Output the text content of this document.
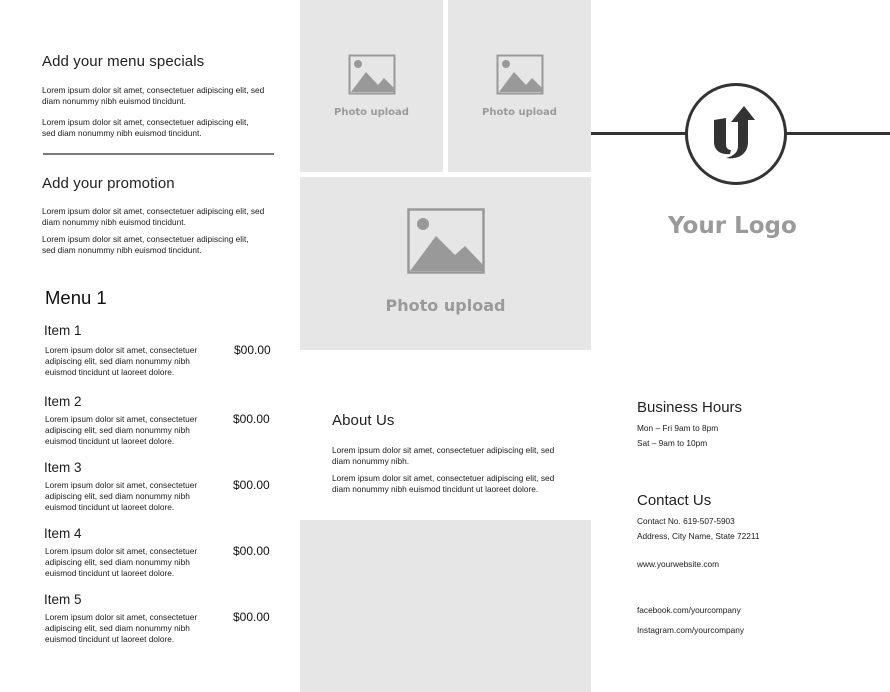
Add your menu specials
Lorem ipsum dolor sit amet, consectetuer adipiscing elit, sed diam nonummy nibh euismod tincidunt.
Lorem ipsum dolor sit amet, consectetuer adipiscing elit, sed diam nonummy nibh euismod tincidunt.
Add your promotion
Lorem ipsum dolor sit amet, consectetuer adipiscing elit, sed diam nonummy nibh euismod tincidunt.
Lorem ipsum dolor sit amet, consectetuer adipiscing elit, sed diam nonummy nibh euismod tincidunt.
Menu 1
Item 1
Lorem ipsum dolor sit amet, consectetuer adipiscing elit, sed diam nonummy nibh euismod tincidunt ut laoreet dolore.
$00.00
Item 2
Lorem ipsum dolor sit amet, consectetuer adipiscing elit, sed diam nonummy nibh euismod tincidunt ut laoreet dolore.
$00.00
Item 3
Lorem ipsum dolor sit amet, consectetuer adipiscing elit, sed diam nonummy nibh euismod tincidunt ut laoreet dolore.
$00.00
Item 4
Lorem ipsum dolor sit amet, consectetuer adipiscing elit, sed diam nonummy nibh euismod tincidunt ut laoreet dolore.
$00.00
Item 5
Lorem ipsum dolor sit amet, consectetuer adipiscing elit, sed diam nonummy nibh euismod tincidunt ut laoreet dolore.
$00.00
Photo upload	Photo upload
Photo upload
About Us
Lorem ipsum dolor sit amet, consectetuer adipiscing elit, sed diam nonummy nibh.
Lorem ipsum dolor sit amet, consectetuer adipiscing elit, sed diam nonummy nibh euismod tincidunt ut laoreet dolore.
Your Logo
Business Hours
Mon – Fri 9am to 8pm
Sat – 9am to 10pm
Contact Us
Contact No. 619-507-5903
Address, City Name, State 72211
www.yourwebsite.com
facebook.com/yourcompany
Instagram.com/yourcompany
